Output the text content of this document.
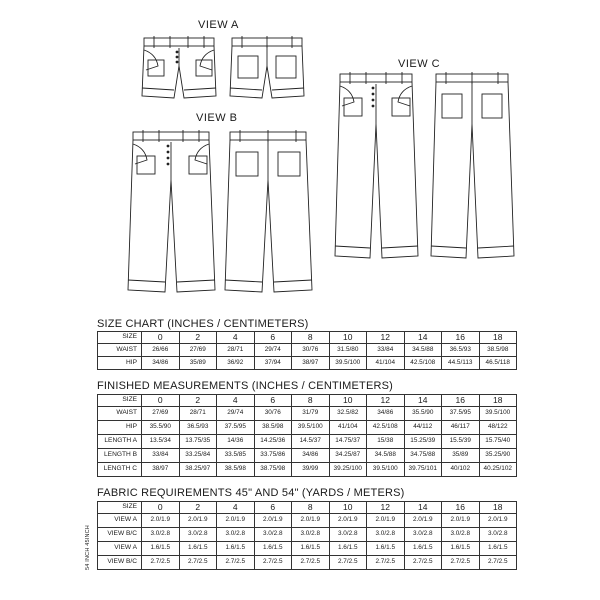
VIEW A
VIEW B
VIEW C
SIZE CHART (INCHES / CENTIMETERS)
SIZE	0	2	4	6	8	10	12	14	16	18
WAIST	26/66	27/69	28/71	29/74	30/76	31.5/80	33/84	34.5/88	36.5/93	38.5/98
HIP	34/86	35/89	36/92	37/94	38/97	39.5/100	41/104	42.5/108	44.5/113	46.5/118
FINISHED MEASUREMENTS (INCHES / CENTIMETERS)
SIZE	0	2	4	6	8	10	12	14	16	18
WAIST	27/69	28/71	29/74	30/76	31/79	32.5/82	34/86	35.5/90	37.5/95	39.5/100
HIP	35.5/90	36.5/93	37.5/95	38.5/98	39.5/100	41/104	42.5/108	44/112	46/117	48/122
LENGTH A	13.5/34	13.75/35	14/36	14.25/36	14.5/37	14.75/37	15/38	15.25/39	15.5/39	15.75/40
LENGTH B	33/84	33.25/84	33.5/85	33.75/86	34/86	34.25/87	34.5/88	34.75/88	35/89	35.25/90
LENGTH C	38/97	38.25/97	38.5/98	38.75/98	39/99	39.25/100	39.5/100	39.75/101	40/102	40.25/102
FABRIC REQUIREMENTS 45" AND 54" (YARDS / METERS)
54 INCH 45INCH
SIZE	0	2	4	6	8	10	12	14	16	18
VIEW A	2.0/1.9	2.0/1.9	2.0/1.9	2.0/1.9	2.0/1.9	2.0/1.9	2.0/1.9	2.0/1.9	2.0/1.9	2.0/1.9
VIEW B/C	3.0/2.8	3.0/2.8	3.0/2.8	3.0/2.8	3.0/2.8	3.0/2.8	3.0/2.8	3.0/2.8	3.0/2.8	3.0/2.8
VIEW A	1.6/1.5	1.6/1.5	1.6/1.5	1.6/1.5	1.6/1.5	1.6/1.5	1.6/1.5	1.6/1.5	1.6/1.5	1.6/1.5
VIEW B/C	2.7/2.5	2.7/2.5	2.7/2.5	2.7/2.5	2.7/2.5	2.7/2.5	2.7/2.5	2.7/2.5	2.7/2.5	2.7/2.5
